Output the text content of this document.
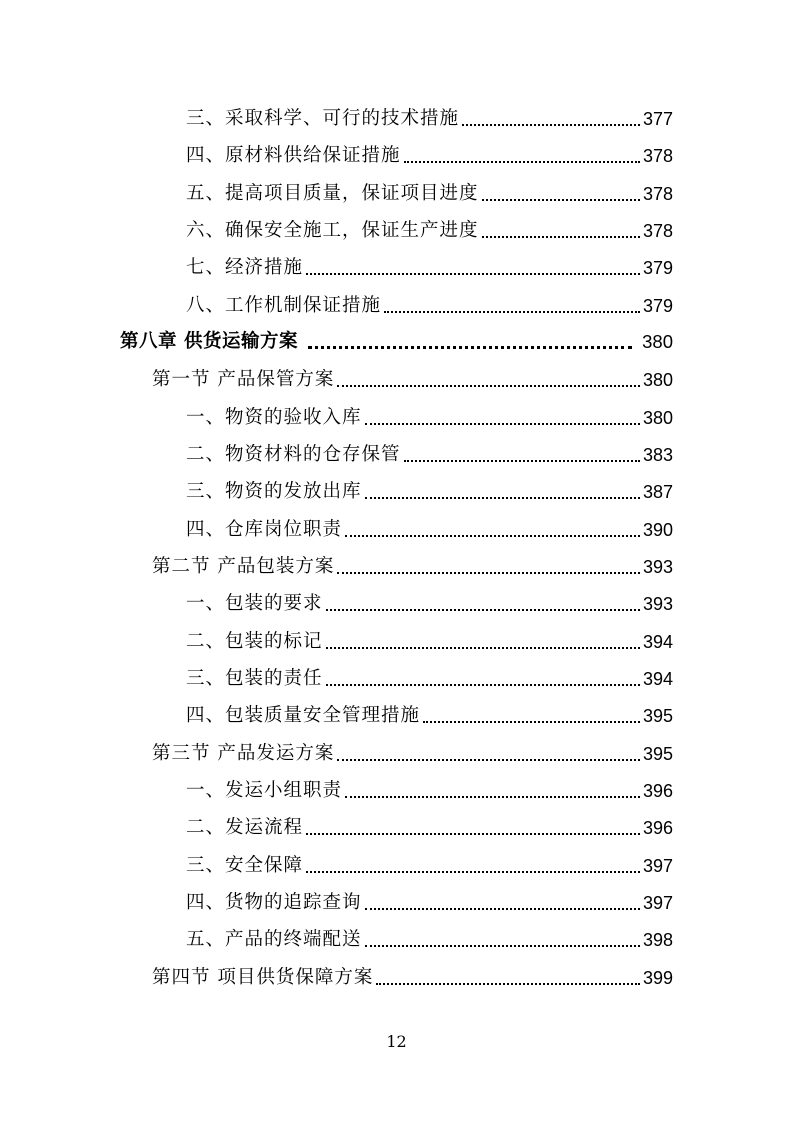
三、采取科学、可行的技术措施	377
四、原材料供给保证措施	378
五、提高项目质量，保证项目进度	378
六、确保安全施工，保证生产进度	378
七、经济措施	379
八、工作机制保证措施	379
第八章 供货运输方案	380
第一节 产品保管方案	380
一、物资的验收入库	380
二、物资材料的仓存保管	383
三、物资的发放出库	387
四、仓库岗位职责	390
第二节 产品包装方案	393
一、包装的要求	393
二、包装的标记	394
三、包装的责任	394
四、包装质量安全管理措施	395
第三节 产品发运方案	395
一、发运小组职责	396
二、发运流程	396
三、安全保障	397
四、货物的追踪查询	397
五、产品的终端配送	398
第四节 项目供货保障方案	399
12
